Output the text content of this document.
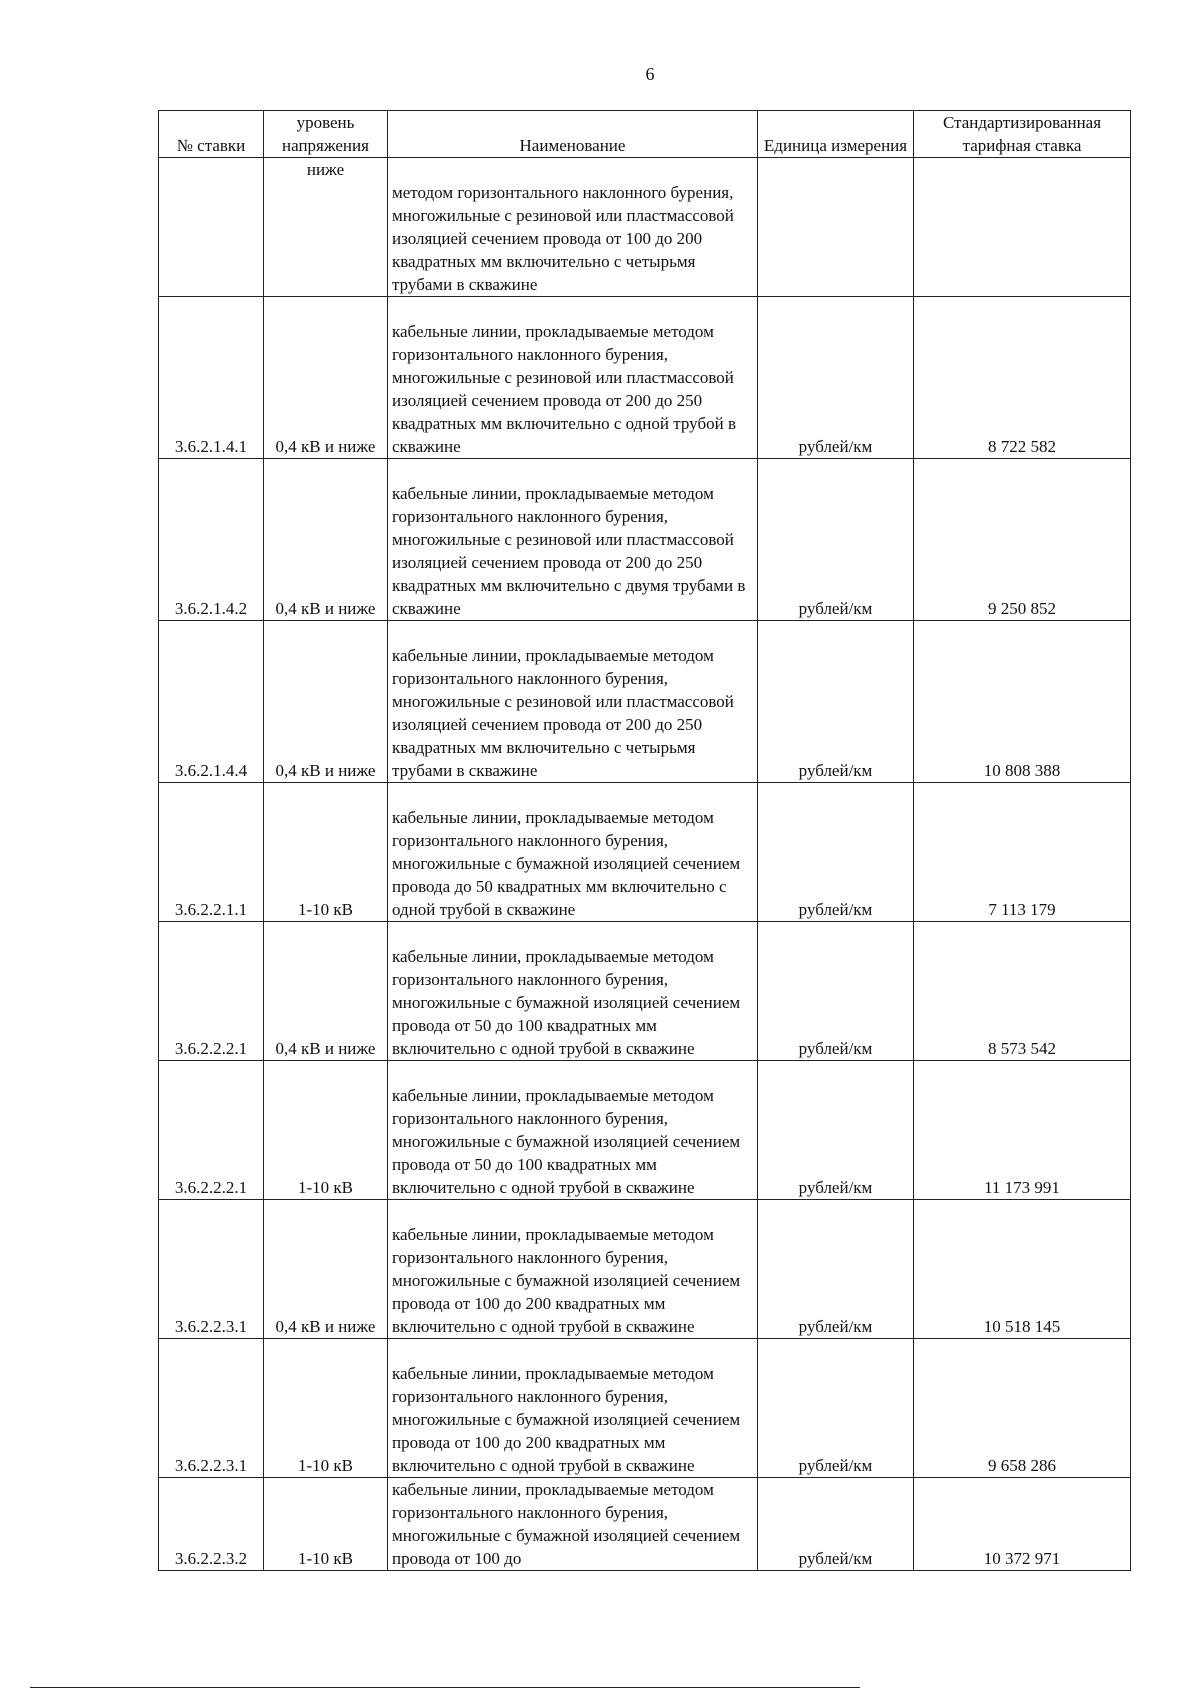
6
№ ставки	уровень напряжения	Наименование	Единица измерения	Стандартизированная тарифная ставка
	ниже	методом горизонтального наклонного бурения, многожильные с резиновой или пластмассовой изоляцией сечением провода от 100 до 200 квадратных мм включительно с четырьмя трубами в скважине		
3.6.2.1.4.1	0,4 кВ и ниже	кабельные линии, прокладываемые методом горизонтального наклонного бурения, многожильные с резиновой или пластмассовой изоляцией сечением провода от 200 до 250 квадратных мм включительно с одной трубой в скважине	рублей/км	8 722 582
3.6.2.1.4.2	0,4 кВ и ниже	кабельные линии, прокладываемые методом горизонтального наклонного бурения, многожильные с резиновой или пластмассовой изоляцией сечением провода от 200 до 250 квадратных мм включительно с двумя трубами в скважине	рублей/км	9 250 852
3.6.2.1.4.4	0,4 кВ и ниже	кабельные линии, прокладываемые методом горизонтального наклонного бурения, многожильные с резиновой или пластмассовой изоляцией сечением провода от 200 до 250 квадратных мм включительно с четырьмя трубами в скважине	рублей/км	10 808 388
3.6.2.2.1.1	1-10 кВ	кабельные линии, прокладываемые методом горизонтального наклонного бурения, многожильные с бумажной изоляцией сечением провода до 50 квадратных мм включительно с одной трубой в скважине	рублей/км	7 113 179
3.6.2.2.2.1	0,4 кВ и ниже	кабельные линии, прокладываемые методом горизонтального наклонного бурения, многожильные с бумажной изоляцией сечением провода от 50 до 100 квадратных мм включительно с одной трубой в скважине	рублей/км	8 573 542
3.6.2.2.2.1	1-10 кВ	кабельные линии, прокладываемые методом горизонтального наклонного бурения, многожильные с бумажной изоляцией сечением провода от 50 до 100 квадратных мм включительно с одной трубой в скважине	рублей/км	11 173 991
3.6.2.2.3.1	0,4 кВ и ниже	кабельные линии, прокладываемые методом горизонтального наклонного бурения, многожильные с бумажной изоляцией сечением провода от 100 до 200 квадратных мм включительно с одной трубой в скважине	рублей/км	10 518 145
3.6.2.2.3.1	1-10 кВ	кабельные линии, прокладываемые методом горизонтального наклонного бурения, многожильные с бумажной изоляцией сечением провода от 100 до 200 квадратных мм включительно с одной трубой в скважине	рублей/км	9 658 286
3.6.2.2.3.2	1-10 кВ	кабельные линии, прокладываемые методом горизонтального наклонного бурения, многожильные с бумажной изоляцией сечением провода от 100 до	рублей/км	10 372 971
